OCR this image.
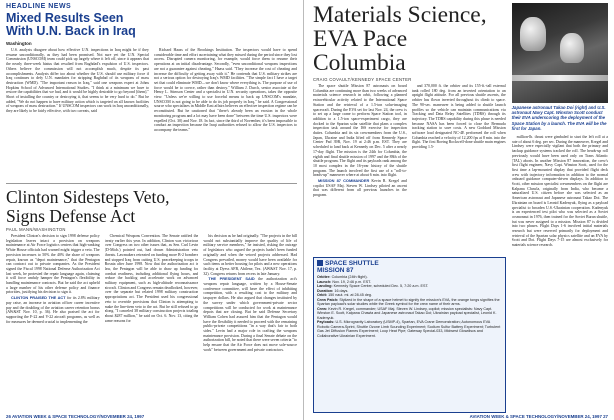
HEADLINE NEWS
Mixed Results Seen
With U.N. Back in Iraq
Washington

U.S. analysts disagree about how effective U.N. inspections in Iraq might be if they resume unconditionally, as they had been promised. Not sure yet the U.N. Special Commission (UNSCOM) team could pick up largely where it left off, since it appears that the nearly three-week hiatus that resulted from Baghdad's expulsion of U.S. inspectors. Others believe the commission will not accomplish much, despite its past accomplishments. Analysts differ too about whether the U.S. should use military force if Iraq continues to defy U.N. mandates for stripping Baghdad of its weapons of mass destruction (WMD). "The important reason in Iraq," said one weapons expert at Johns Hopkins School of Advanced International Studies. "I think at a minimum we have to restore the capabilities that we had, and it would be highly desirable to go beyond [them]." Short of installing the country or destroying it, that seems to be very hard to do." But he added, "We do not happen to have military action which is targeted on all known facilities of weapons of mass destruction." If UNSCOM inspectors can work in Iraq unconditionally, they are likely to be fairly effective, with two caveats, said

Richard Haass of the Brookings Institution. The inspectors would have to spend considerable time and effort ascertaining what they missed during the period since they lost access. Disrupted camera monitoring, for example, would force them to resume their operations at an initial disadvantage. Secondly, "even unconditional weapons inspections are not a guarantee against cheating," Haass said. "They increase the cost of cheating and increase the difficulty of getting away with it." He contends that U.S. military strikes are not a serious option for destroying Iraq's WMD facilities. "The simple fact I have a target set that could eliminate WMD—we don't know where everything is. The purpose of use of force would be to coerce, rather than destroy." William J. Durch, senior associate at the Henry L. Stimson Center and a specialist in U.N. security operations, takes the opposite view. "Unless we're willing to use forceful means to back up UNSCOM's mandate, UNSCOM is not going to be able to do its job properly in Iraq," he said. A Congressional source who specializes in Middle East affairs believes an effective inspection regime can be reconstituted. But he cautioned that "there's already been an erosion in the whole monitoring program and a lot may have been done" between the time U.S. inspectors were expelled (Oct. 30) and Nov. 18. In fact, since the third of November, it's been impossible to conduct an inspection because the Iraqi authorities refused to allow the U.S. inspectors to accompany the teams."

Clinton Sidesteps Veto,
Signs Defense Act
PAUL MANN/WASHINGTON

President Clinton's decision to sign 1998 defense policy legislation leaves intact a provision on weapons maintenance at Air Force logistics centers that high-ranking White House officials had warned might trigger a veto. The provision increases to 50% the 40% the share of weapons repair, known as "depot maintenance," that the Pentagon can contract out to private companies. As the President signed the Fiscal 1998 National Defense Authorization Act last week, he protested the repair language again, claiming it will force unduly hamper the Pentagon's flexibility in handling maintenance contracts. But he said the act upheld a large number of his other defense policy and finance priorities, justifying his decision to sign it.

CLINTON PRAISED THE ACT for its 2.8% military pay raise, an increase in aviation officer career incentive pay and the doubling of the aviation career retention bonus (AW&ST Nov. 10, p. 36). He also praised the act for supporting the F-22 and V-22 aircraft programs, as well as for measures he deemed crucial to implementing the

Chemical Weapons Convention. The Senate ratified the treaty earlier this year. In addition, Clinton was victorious over Congress on two other issues that, as Sen. Carl Levin (D-Mich.) pointed out, had drawn Administration veto threats. Lawmakers retreated on funding more B-2 bombers and stopped Iraq from cutting U.S. peacekeeping troops in Bosnia after June 1998. Now that the authorization act is law, the Pentagon will be able to draw up funding for combat readiness, including additional flying hours, and reduce the backlog and accelerate work on advanced military equipment, such as high-altitude reconnaissance aircraft. Clinton and Congress remain deadlocked, however, over the separate but related 1998 military construction appropriations act. The President used his congressional veto to override provisions that Clinton is attempting to make the line-item veto to the act. But he still refused to go along. "I canceled 38 military construction projects totaling about $287 million," he said on Oct. 6. Nov. 13, citing the same reasons for

his decision as he had originally. "The projects in the bill would not substantially improve the quality of life of military service members," he insisted, risking the outrage of legislators who argued the projects hadn't been funded originally and when the vetoed projects addressed. Had Congress prevailed, money would have been available for such items as better housing for pilots and a new operations facility at Dyess AFB, Abilene, Tex. (AW&ST Nov. 17, p. 32). Congress returns from recess in late January.

THE PRESIDENT SAID the authorization act's weapons repair language, written by a House-Senate conference committee, will have the effect of inhibiting competition, with a resulting cost to the military and taxpayer dollars. He also argued that changes instituted by the survey under which government-private sector competitions will be conducted for work at maintenance depots that are closing. But he said Defense Secretary William Cohen had assured him that the Pentagon would have the flexibility it needed to proceed with the remaining public-private competitions "in a way that's fair to both sides." Levin had a major role in crafting the weapons maintenance provision. During a final Senate debate on the authorization bill, he noted that there were seven criteria "to help ensure that the Air Force does not move sole-source work" between government and private contractors.

26 AVIATION WEEK & SPACE TECHNOLOGY/NOVEMBER 24, 1997
Materials Science,
EVA Pace Columbia
CRAIG COVAULT/KENNEDY SPACE CENTER

The space shuttle Mission 87 astronauts on board Columbia are continuing more than two weeks of advanced materials science research in orbit, following a planned extravehicular activity related to the International Space Station and the retrieval of a 1.5-ton solar-imaging spacecraft. During the EVA set for last Nov. 24, the crew is to set up a large crane to perform Space Station tool, in addition to a 1.5-ton space-experiment cargo, they are docked to the Spartan solar satellite that plans a complex inspection task around the ISS exercise for inspection duties. Columbia and its six crewmembers from the U.S., Japan, Ukraine and India lifted off from Kennedy Space Center Pad 39B, Nov. 19 at 2:46 p.m. EST. They are scheduled to land back at Kennedy on Dec. 5 after a nearly 17-day flight. The mission is the 24th for Columbia, the eighth and final shuttle mission of 1997 and the 88th of the shuttle program. The flight and its payloads rank among the 10 most complex in the 16-year history of the shuttle program. The launch involved the first use of a "roll-to-heads-up" maneuver where at about 6 min. into flight.

MISSION 87 COMMANDER Kevin R. Kregel and copilot USAF Maj. Steven W. Lindsey piloted an ascent that was different from all previous launches in the program.

and 370,000 ft. the orbiter and its 155-ft.-tall external tank rolled 180 deg. from an inverted orientation to an upright flight attitude. For all previous shuttle ascents, the orbiter has flown inverted throughout its climb to space. The 90-sec. maneuver is being added to shuttle launch profiles so the vehicle can maintain communications via Tracking and Data Relay Satellites (TDRS) through its trajectory. The TDRS capability during this phase is needed because NASA has been forced to close the Bermuda tracking station to save costs. A new Goddard Mission software load designated NC-4E performed the roll when Columbia reached a velocity of 12,200 fps at 8 min. into the flight. The first Boeing Rockwell-done shuttle main engines providing 1.5-

SPACE SHUTTLE
MISSION 87
Orbiter: Columbia (24th flight).
Launch: Nov. 19, 2:46 p.m. EST.
Landing: Kennedy Space Center, scheduled Dec. 5, 7:20 a.m. EST.
Duration: 16 days.
Orbit: 150 naut. mi. at 28.45 deg.
Crew Patch: Stylized in the shape of a space helmet to signify the mission's EVA, the orange tongs signifies the Spartan payload's solar studies while the Greek symbol for the crew name of their arms.
Crew: Kevin R. Kregel, commander; USAF Maj. Steven W. Lindsey, copilot; mission specialists: Navy Capt. Winston E. Scott, Kalpana Chawla and Japanese astronaut Takao Doi; Ukrainian payload specialist, Leonid K. Kadenyuk.
Payloads: U.S. Microgravity Laboratory (USMP-4), Spartan, EVA Crane Demonstration; Autonomous EVA Robotic Camera-Sprint, Shuttle Ozone Limb Sounding Experiment; Sodium Sulfur Battery Experiment; Turbulent Gas Jet Diffusion Flames Experiment; Loop Heat Pipe; Gateway Special-033, Midwest Glowdiscs and Collaborative Ukrainian Experiment.
Japanese astronaut Takao Doi (right) and U.S. astronaut Navy Capt. Winston Scott conduct their EVA underscoring the deployment of the Space Station by a launch. The EVA will be the first for Japan.

million-lb. thrust were gimbaled to start the left roll at a rate of about 6 deg. per sec. During the maneuver, Kregel and Lindsey were especially vigilant that both the primary and backup guidance systems tracked the roll. The heads-up roll previously would have been used only on Trans Atlantic (TAL) aborts. In another Mission 87 innovation, the crew's first flight engineer, Navy Capt. Winston Scott, used for the first time a lap-mounted display that provided flight deck crew with trajectory information in addition to the normal onboard guidance computer-driven displays. In addition to Scott, other mission specialist crewmembers on the flight are Kalpana Chawla, originally from India, who became a naturalized U.S. citizen before she was selected as an American astronaut and Japanese astronaut Takao Doi. The Ukrainian on board is Leonid Kadenyuk, flying as a payload specialist to broaden U.S.-Ukrainian cooperation. Kadenyuk is an experienced test pilot who was selected as a Soviet cosmonaut in 1976, then trained for the Soviet Buran shuttle, but was never assigned to a mission. Mission 87 is divided into two phases. Flight Days 1-6 involved initial materials research but were reserved primarily for deployment and retrieval of the Spartan solar physics satellite and an EVA by Scott and Doi. Flight Days 7-15 are almost exclusively for materials science research.

AVIATION WEEK & SPACE TECHNOLOGY/NOVEMBER 24, 1997 27
